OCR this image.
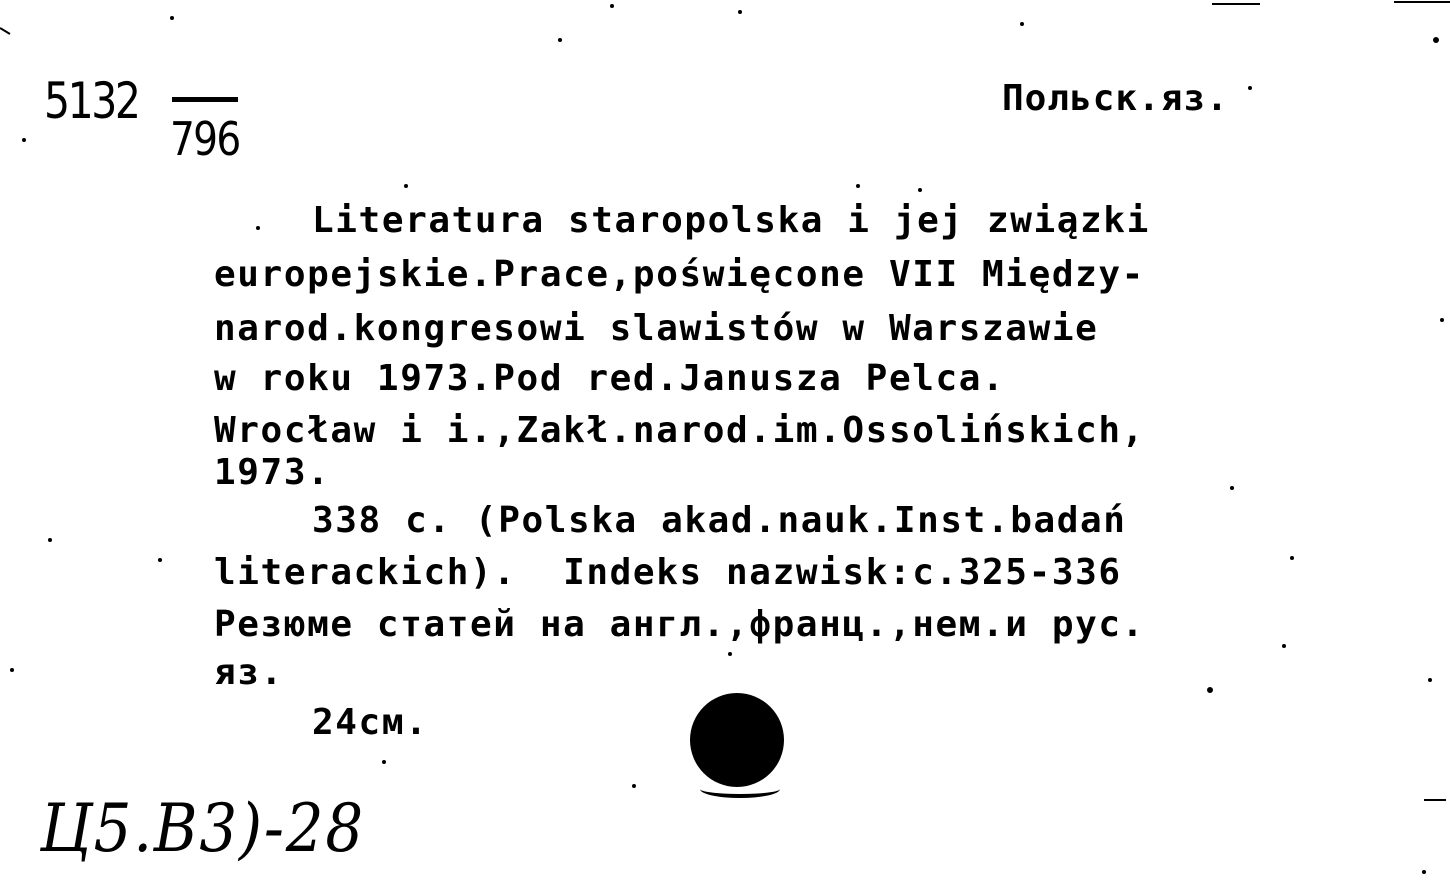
5132
796
Польск.яз.
Literatura staropolska i jej związki
europejskie.Prace,poświęcone VII Między-
narod.kongresowi slawistów w Warszawie
w roku 1973.Pod red.Janusza Pelca.
Wrocław i i.,Zakł.narod.im.Ossolińskich,
1973.
338 c. (Polska akad.nauk.Inst.badań
literackich).  Indeks nazwisk:c.325-336
Резюме статей на англ.,франц.,нем.и рус.
яз.
24см.
Ц5.В3)-28
